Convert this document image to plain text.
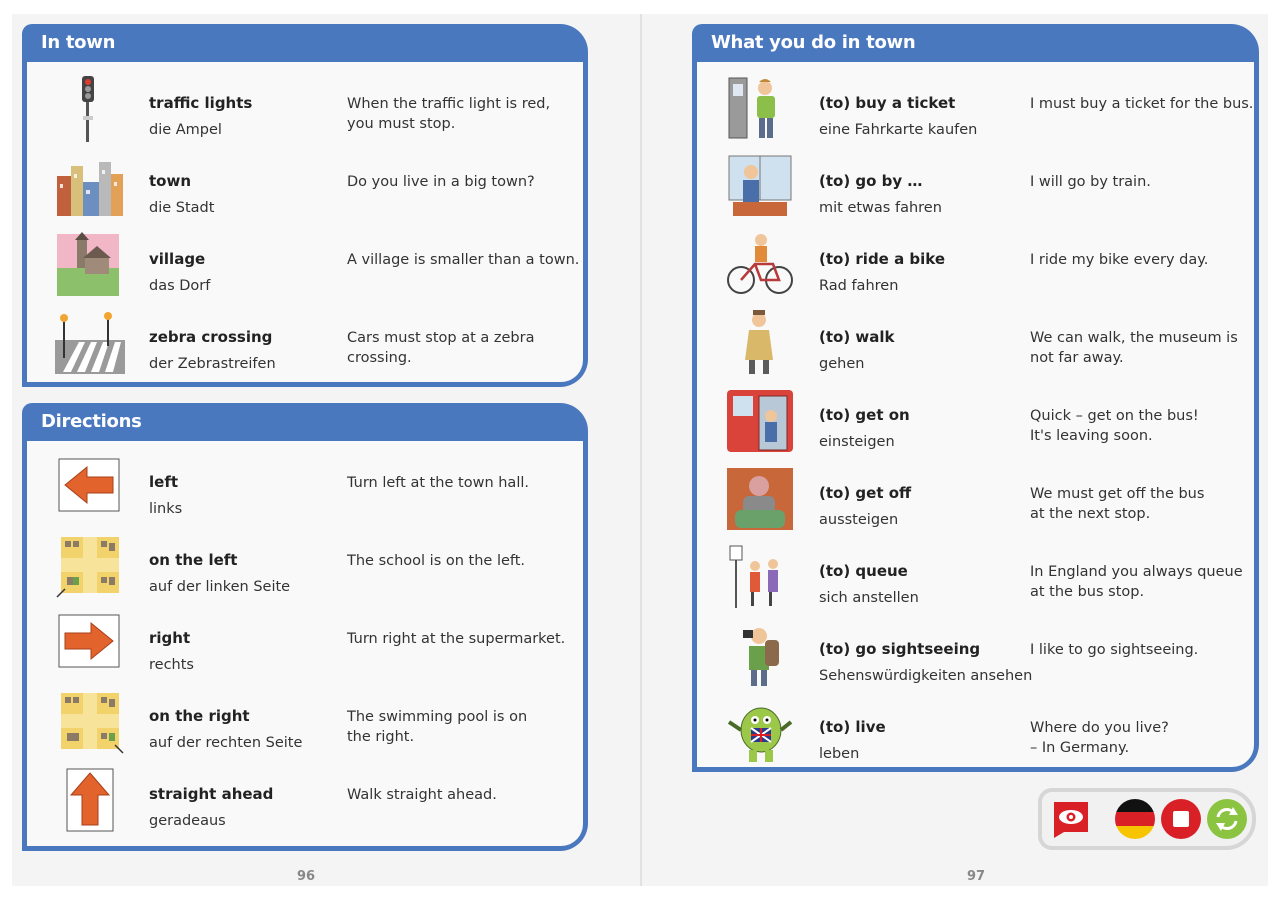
In town
traffic lights
die Ampel
When the traffic light is red,
you must stop.
town
die Stadt
Do you live in a big town?
village
das Dorf
A village is smaller than a town.
zebra crossing
der Zebrastreifen
Cars must stop at a zebra
crossing.
Directions
left
links
Turn left at the town hall.
on the left
auf der linken Seite
The school is on the left.
right
rechts
Turn right at the supermarket.
on the right
auf der rechten Seite
The swimming pool is on
the right.
straight ahead
geradeaus
Walk straight ahead.
What you do in town
(to) buy a ticket
eine Fahrkarte kaufen
I must buy a ticket for the bus.
(to) go by …
mit etwas fahren
I will go by train.
(to) ride a bike
Rad fahren
I ride my bike every day.
(to) walk
gehen
We can walk, the museum is
not far away.
(to) get on
einsteigen
Quick – get on the bus!
It's leaving soon.
(to) get off
aussteigen
We must get off the bus
at the next stop.
(to) queue
sich anstellen
In England you always queue
at the bus stop.
(to) go sightseeing
Sehenswürdigkeiten ansehen
I like to go sightseeing.
(to) live
leben
Where do you live?
– In Germany.
96	97
